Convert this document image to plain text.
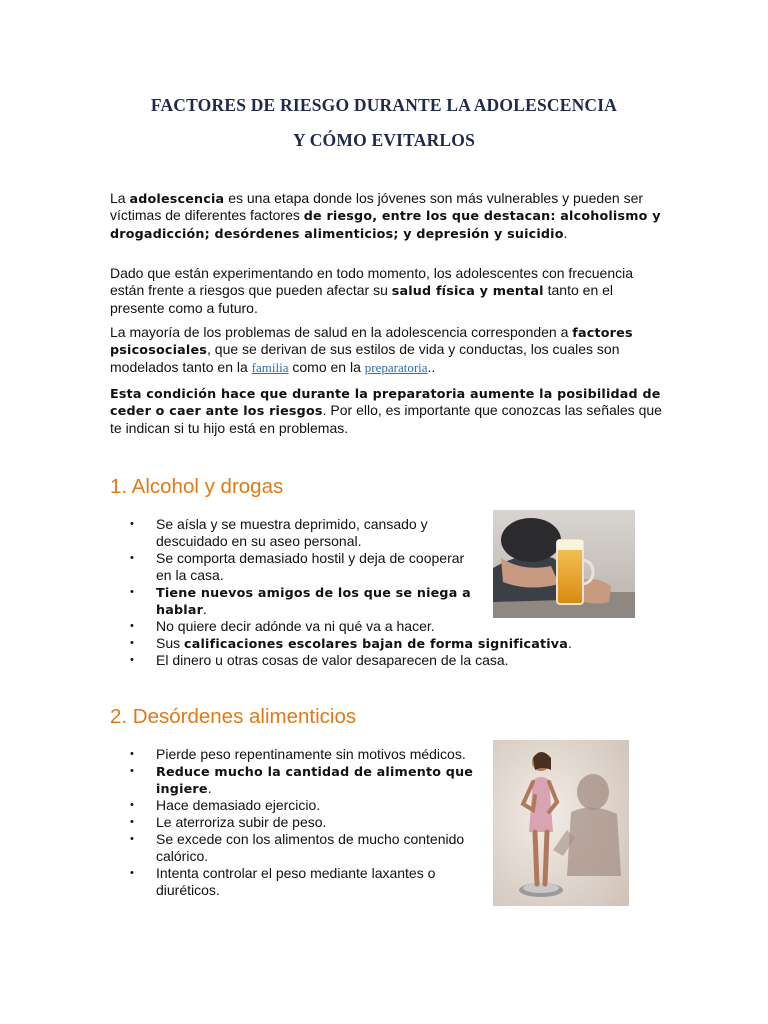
FACTORES DE RIESGO DURANTE LA ADOLESCENCIA
Y CÓMO EVITARLOS

La adolescencia es una etapa donde los jóvenes son más vulnerables y pueden ser víctimas de diferentes factores de riesgo, entre los que destacan: alcoholismo y drogadicción; desórdenes alimenticios; y depresión y suicidio.

Dado que están experimentando en todo momento, los adolescentes con frecuencia están frente a riesgos que pueden afectar su salud física y mental tanto en el presente como a futuro.

La mayoría de los problemas de salud en la adolescencia corresponden a factores psicosociales, que se derivan de sus estilos de vida y conductas, los cuales son modelados tanto en la familia como en la preparatoria..

Esta condición hace que durante la preparatoria aumente la posibilidad de ceder o caer ante los riesgos. Por ello, es importante que conozcas las señales que te indican si tu hijo está en problemas.

1. Alcohol y drogas
• Se aísla y se muestra deprimido, cansado y descuidado en su aseo personal.
• Se comporta demasiado hostil y deja de cooperar en la casa.
• Tiene nuevos amigos de los que se niega a hablar.
• No quiere decir adónde va ni qué va a hacer.
• Sus calificaciones escolares bajan de forma significativa.
• El dinero u otras cosas de valor desaparecen de la casa.
2. Desórdenes alimenticios
• Pierde peso repentinamente sin motivos médicos.
• Reduce mucho la cantidad de alimento que ingiere.
• Hace demasiado ejercicio.
• Le aterroriza subir de peso.
• Se excede con los alimentos de mucho contenido calórico.
• Intenta controlar el peso mediante laxantes o diuréticos.
